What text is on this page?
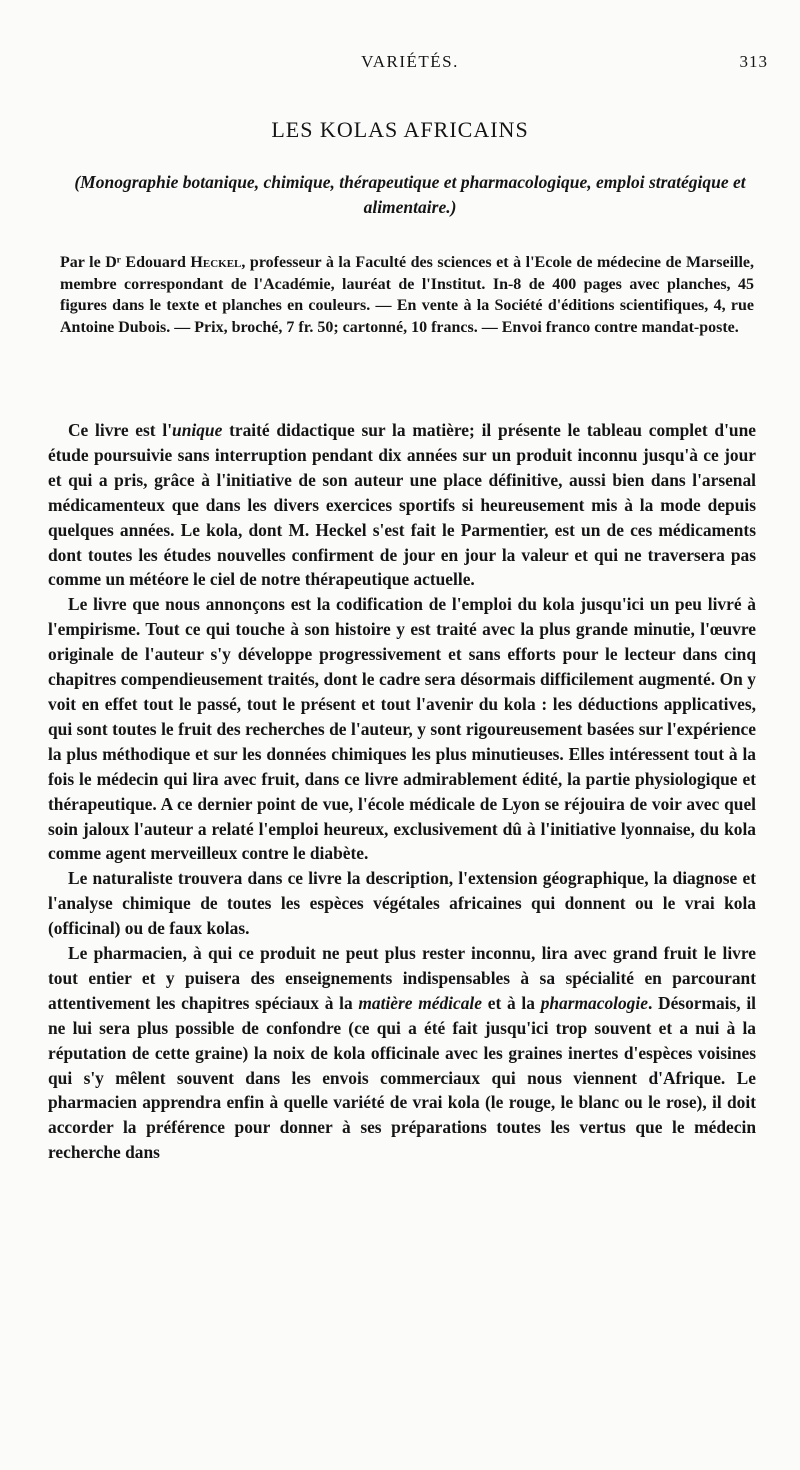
VARIÉTÉS.	313
LES KOLAS AFRICAINS
(Monographie botanique, chimique, thérapeutique et pharmacologique, emploi stratégique et alimentaire.)
Par le Dʳ Edouard Heckel, professeur à la Faculté des sciences et à l'Ecole de médecine de Marseille, membre correspondant de l'Académie, lauréat de l'Institut. In-8 de 400 pages avec planches, 45 figures dans le texte et planches en couleurs. — En vente à la Société d'éditions scientifiques, 4, rue Antoine Dubois. — Prix, broché, 7 fr. 50; cartonné, 10 francs. — Envoi franco contre mandat-poste.

Ce livre est l'unique traité didactique sur la matière; il présente le tableau complet d'une étude poursuivie sans interruption pendant dix années sur un produit inconnu jusqu'à ce jour et qui a pris, grâce à l'initiative de son auteur une place définitive, aussi bien dans l'arsenal médicamenteux que dans les divers exercices sportifs si heureusement mis à la mode depuis quelques années. Le kola, dont M. Heckel s'est fait le Parmentier, est un de ces médicaments dont toutes les études nouvelles confirment de jour en jour la valeur et qui ne traversera pas comme un météore le ciel de notre thérapeutique actuelle.

Le livre que nous annonçons est la codification de l'emploi du kola jusqu'ici un peu livré à l'empirisme. Tout ce qui touche à son histoire y est traité avec la plus grande minutie, l'œuvre originale de l'auteur s'y développe progressivement et sans efforts pour le lecteur dans cinq chapitres compendieusement traités, dont le cadre sera désormais difficilement augmenté. On y voit en effet tout le passé, tout le présent et tout l'avenir du kola : les déductions applicatives, qui sont toutes le fruit des recherches de l'auteur, y sont rigoureusement basées sur l'expérience la plus méthodique et sur les données chimiques les plus minutieuses. Elles intéressent tout à la fois le médecin qui lira avec fruit, dans ce livre admirablement édité, la partie physiologique et thérapeutique. A ce dernier point de vue, l'école médicale de Lyon se réjouira de voir avec quel soin jaloux l'auteur a relaté l'emploi heureux, exclusivement dû à l'initiative lyonnaise, du kola comme agent merveilleux contre le diabète.

Le naturaliste trouvera dans ce livre la description, l'extension géographique, la diagnose et l'analyse chimique de toutes les espèces végétales africaines qui donnent ou le vrai kola (officinal) ou de faux kolas.

Le pharmacien, à qui ce produit ne peut plus rester inconnu, lira avec grand fruit le livre tout entier et y puisera des enseignements indispensables à sa spécialité en parcourant attentivement les chapitres spéciaux à la matière médicale et à la pharmacologie. Désormais, il ne lui sera plus possible de confondre (ce qui a été fait jusqu'ici trop souvent et a nui à la réputation de cette graine) la noix de kola officinale avec les graines inertes d'espèces voisines qui s'y mêlent souvent dans les envois commerciaux qui nous viennent d'Afrique. Le pharmacien apprendra enfin à quelle variété de vrai kola (le rouge, le blanc ou le rose), il doit accorder la préférence pour donner à ses préparations toutes les vertus que le médecin recherche dans
